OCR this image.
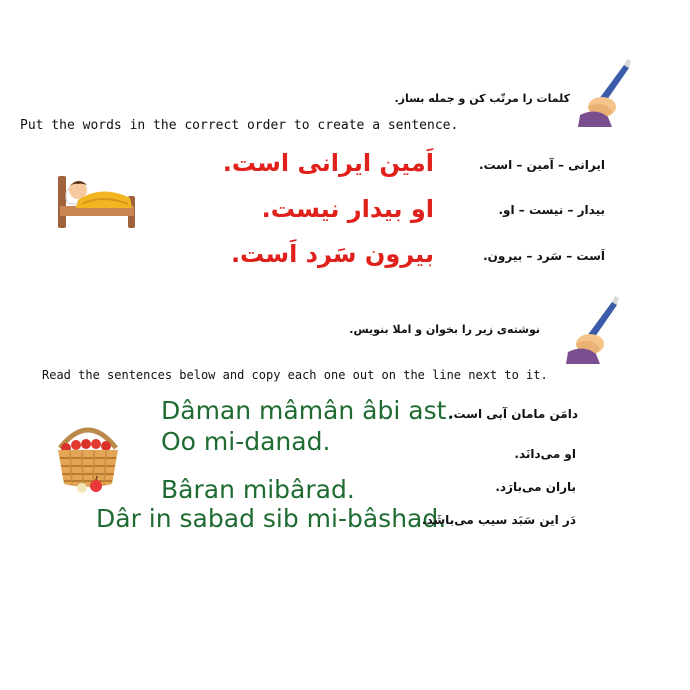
کلمات را مرتّب کن و جمله بساز.
Put the words in the correct order to create a sentence.
اَمین ایرانی است.
او بیدار نیست.
بیرون سَرد اَست.
ایرانی – آمین – است.
بیدار – نیست – او.
اَست – سَرد – بیرون.
نوشته‌ی زیر را بخوان و املا بنویس.
Read the sentences below and copy each one out on the line next to it.
Dâman mâmân âbi ast.
Oo mi-danad.
Bâran mibârad.
Dâr in sabad sib mi-bâshad.
دامَن مامان آبی است.
او می‌دانَد.
باران می‌بارَد.
دَر این سَبَد سیب می‌باشَد.
